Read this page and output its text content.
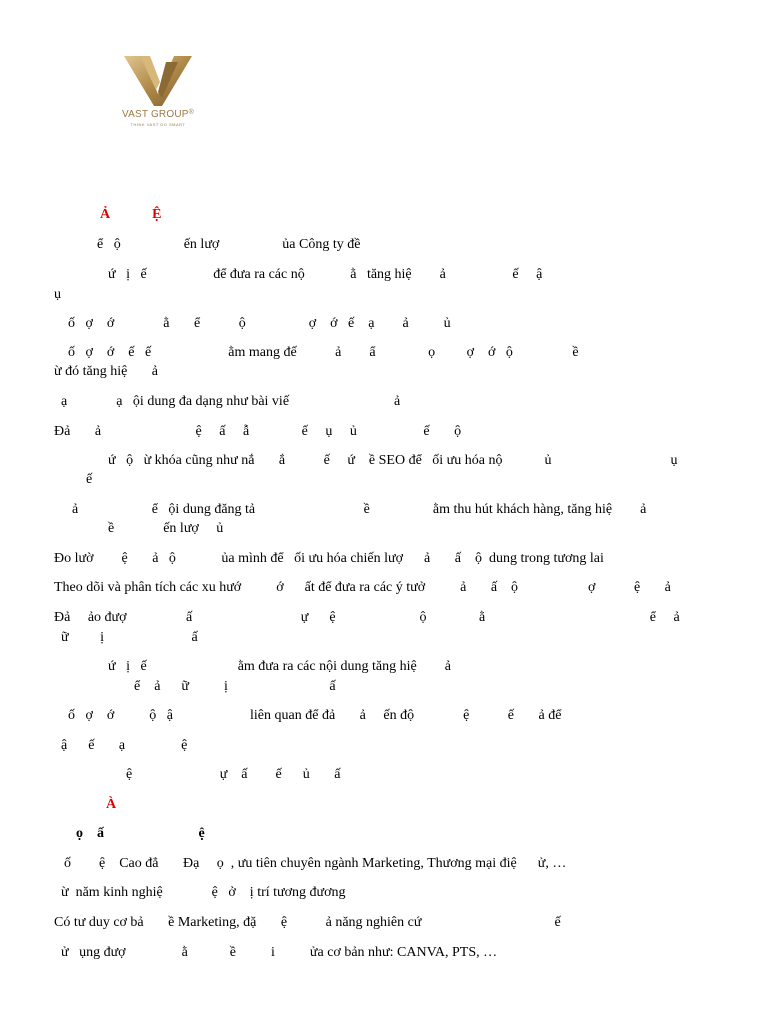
VAST GROUP®
THINK VAST DO SMART
Ả            Ệ
ể   ộ                  ến lượ                  ủa Công ty đề
ứ   ị   ế                   để đưa ra các nộ             ằ   tăng hiệ        ả                   ế     ậ
ụ
ố   ợ    ớ              ằ       ể           ộ                  ợ    ớ   ế    ạ        ả          ủ
ố   ợ    ớ    ế   ế                      ằm mang đế           ả        ẩ               ọ         ợ    ớ   ộ                 ề
ừ đó tăng hiệ       ả
ạ              ạ   ội dung đa dạng như bài viế                              ả
Đả       ả                           ệ     ấ     ẫ               ế     ụ     ủ                   ế       ộ
ứ   ộ   ừ khóa cũng như nắ       ắ           ế     ứ    ề SEO để   ối ưu hóa nộ            ủ                                  ụ
ế
ả                     ể   ội dung đăng tả                               ề                  ằm thu hút khách hàng, tăng hiệ        ả
ề              ến lượ     ủ
Đo lườ        ệ       ả   ộ             ủa mình để   ối ưu hóa chiến lượ      ả       ấ    ộ  dung trong tương lai
Theo dõi và phân tích các xu hướ          ớ      ất để đưa ra các ý tưở          ả       ấ    ộ                    ợ           ệ       ả
Đả     ảo đượ                 ấ                               ự      ệ                        ộ               ằ                                               ể     ả
ữ         ị                         ấ
ứ   ị   ế                          ằm đưa ra các nội dung tăng hiệ        ả
ể    ả      ữ          ị                             ấ
ố   ợ    ớ          ộ   ậ                      liên quan để đả       ả     ến độ              ệ           ế       ả để
ậ      ế       ạ                ệ
ệ                         ự    ấ        ế      ủ       ấ
À
ọ    ấ                           ệ
ố        ệ    Cao đẳ       Đạ     ọ  , ưu tiên chuyên ngành Marketing, Thương mại điệ      ử, …
ừ  năm kinh nghiệ              ệ   ở    ị trí tương đương
Có tư duy cơ bả       ề Marketing, đặ       ệ           ả năng nghiên cứ                                      ế
ử   ụng đượ                ằ            ề          i          ửa cơ bản như: CANVA, PTS, …
